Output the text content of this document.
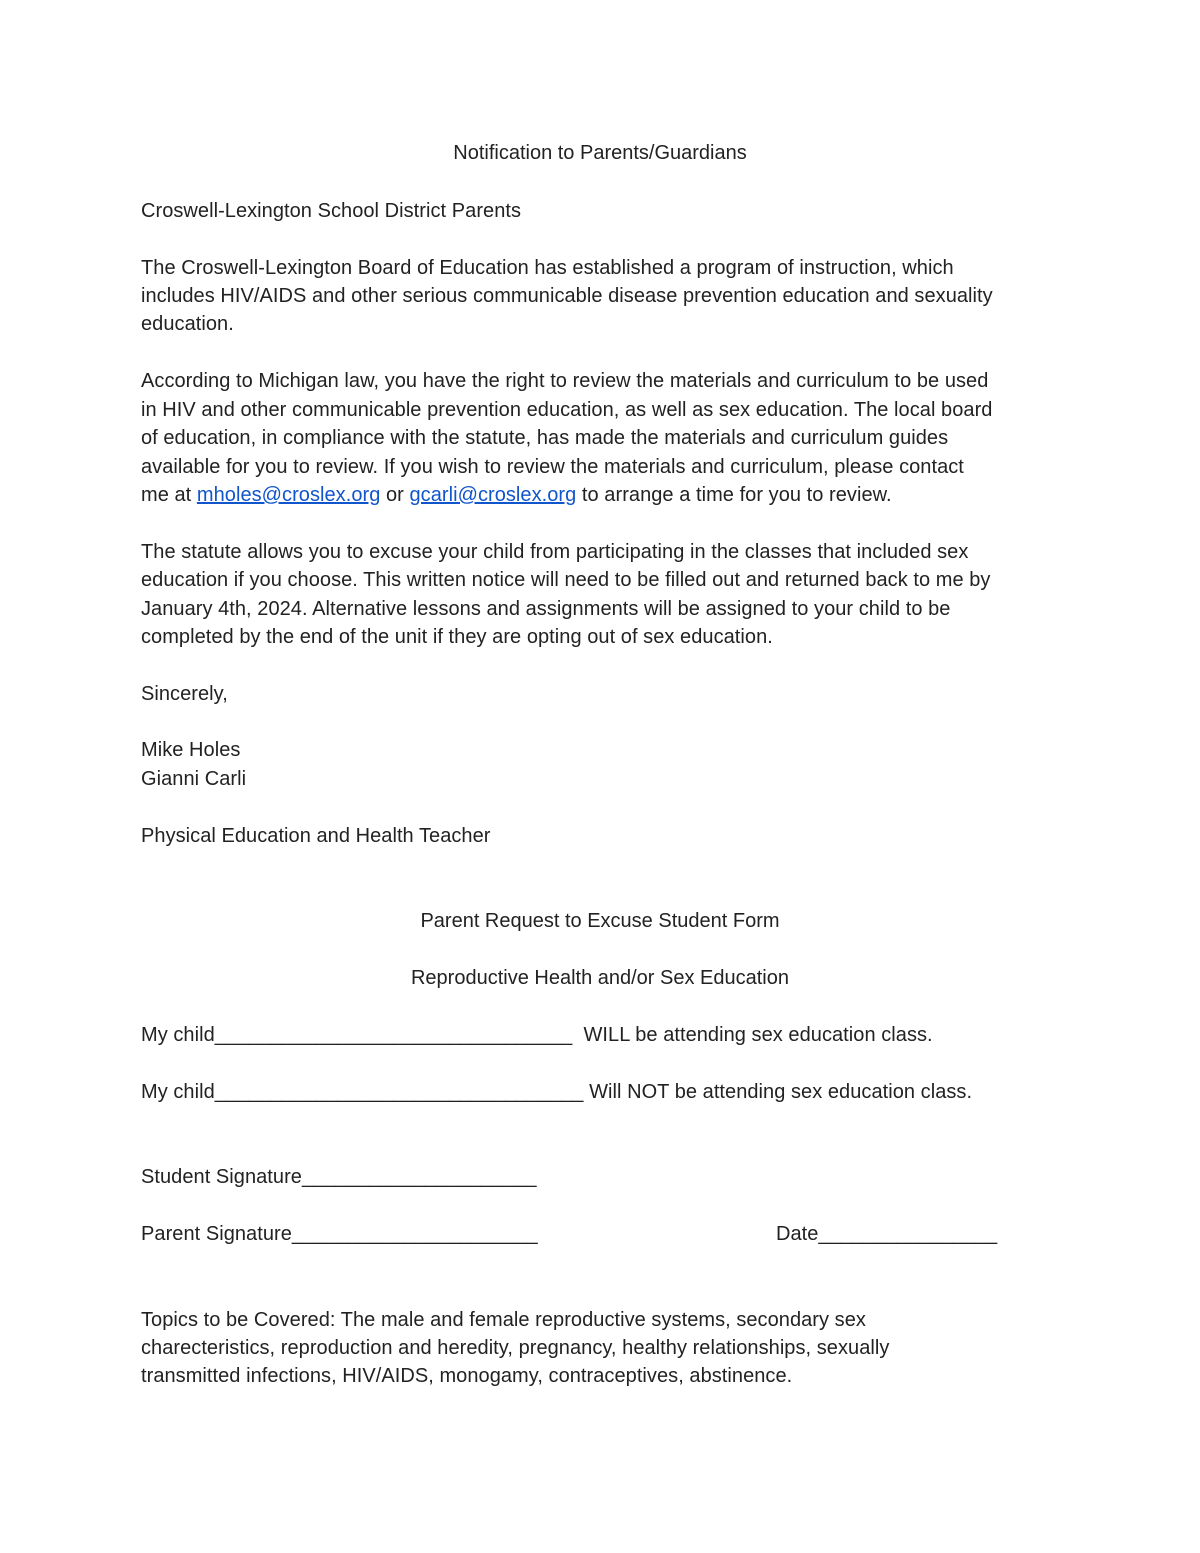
Notification to Parents/Guardians
Croswell-Lexington School District Parents
The Croswell-Lexington Board of Education has established a program of instruction, which
includes HIV/AIDS and other serious communicable disease prevention education and sexuality
education.
According to Michigan law, you have the right to review the materials and curriculum to be used
in HIV and other communicable prevention education, as well as sex education. The local board
of education, in compliance with the statute, has made the materials and curriculum guides
available for you to review. If you wish to review the materials and curriculum, please contact
me at mholes@croslex.org or gcarli@croslex.org to arrange a time for you to review.
The statute allows you to excuse your child from participating in the classes that included sex
education if you choose. This written notice will need to be filled out and returned back to me by
January 4th, 2024. Alternative lessons and assignments will be assigned to your child to be
completed by the end of the unit if they are opting out of sex education.
Sincerely,
Mike Holes
Gianni Carli
Physical Education and Health Teacher
Parent Request to Excuse Student Form
Reproductive Health and/or Sex Education
My child________________________________  WILL be attending sex education class.
My child_________________________________ Will NOT be attending sex education class.
Student Signature_____________________
Parent Signature______________________	Date________________
Topics to be Covered: The male and female reproductive systems, secondary sex
charecteristics, reproduction and heredity, pregnancy, healthy relationships, sexually
transmitted infections, HIV/AIDS, monogamy, contraceptives, abstinence.
